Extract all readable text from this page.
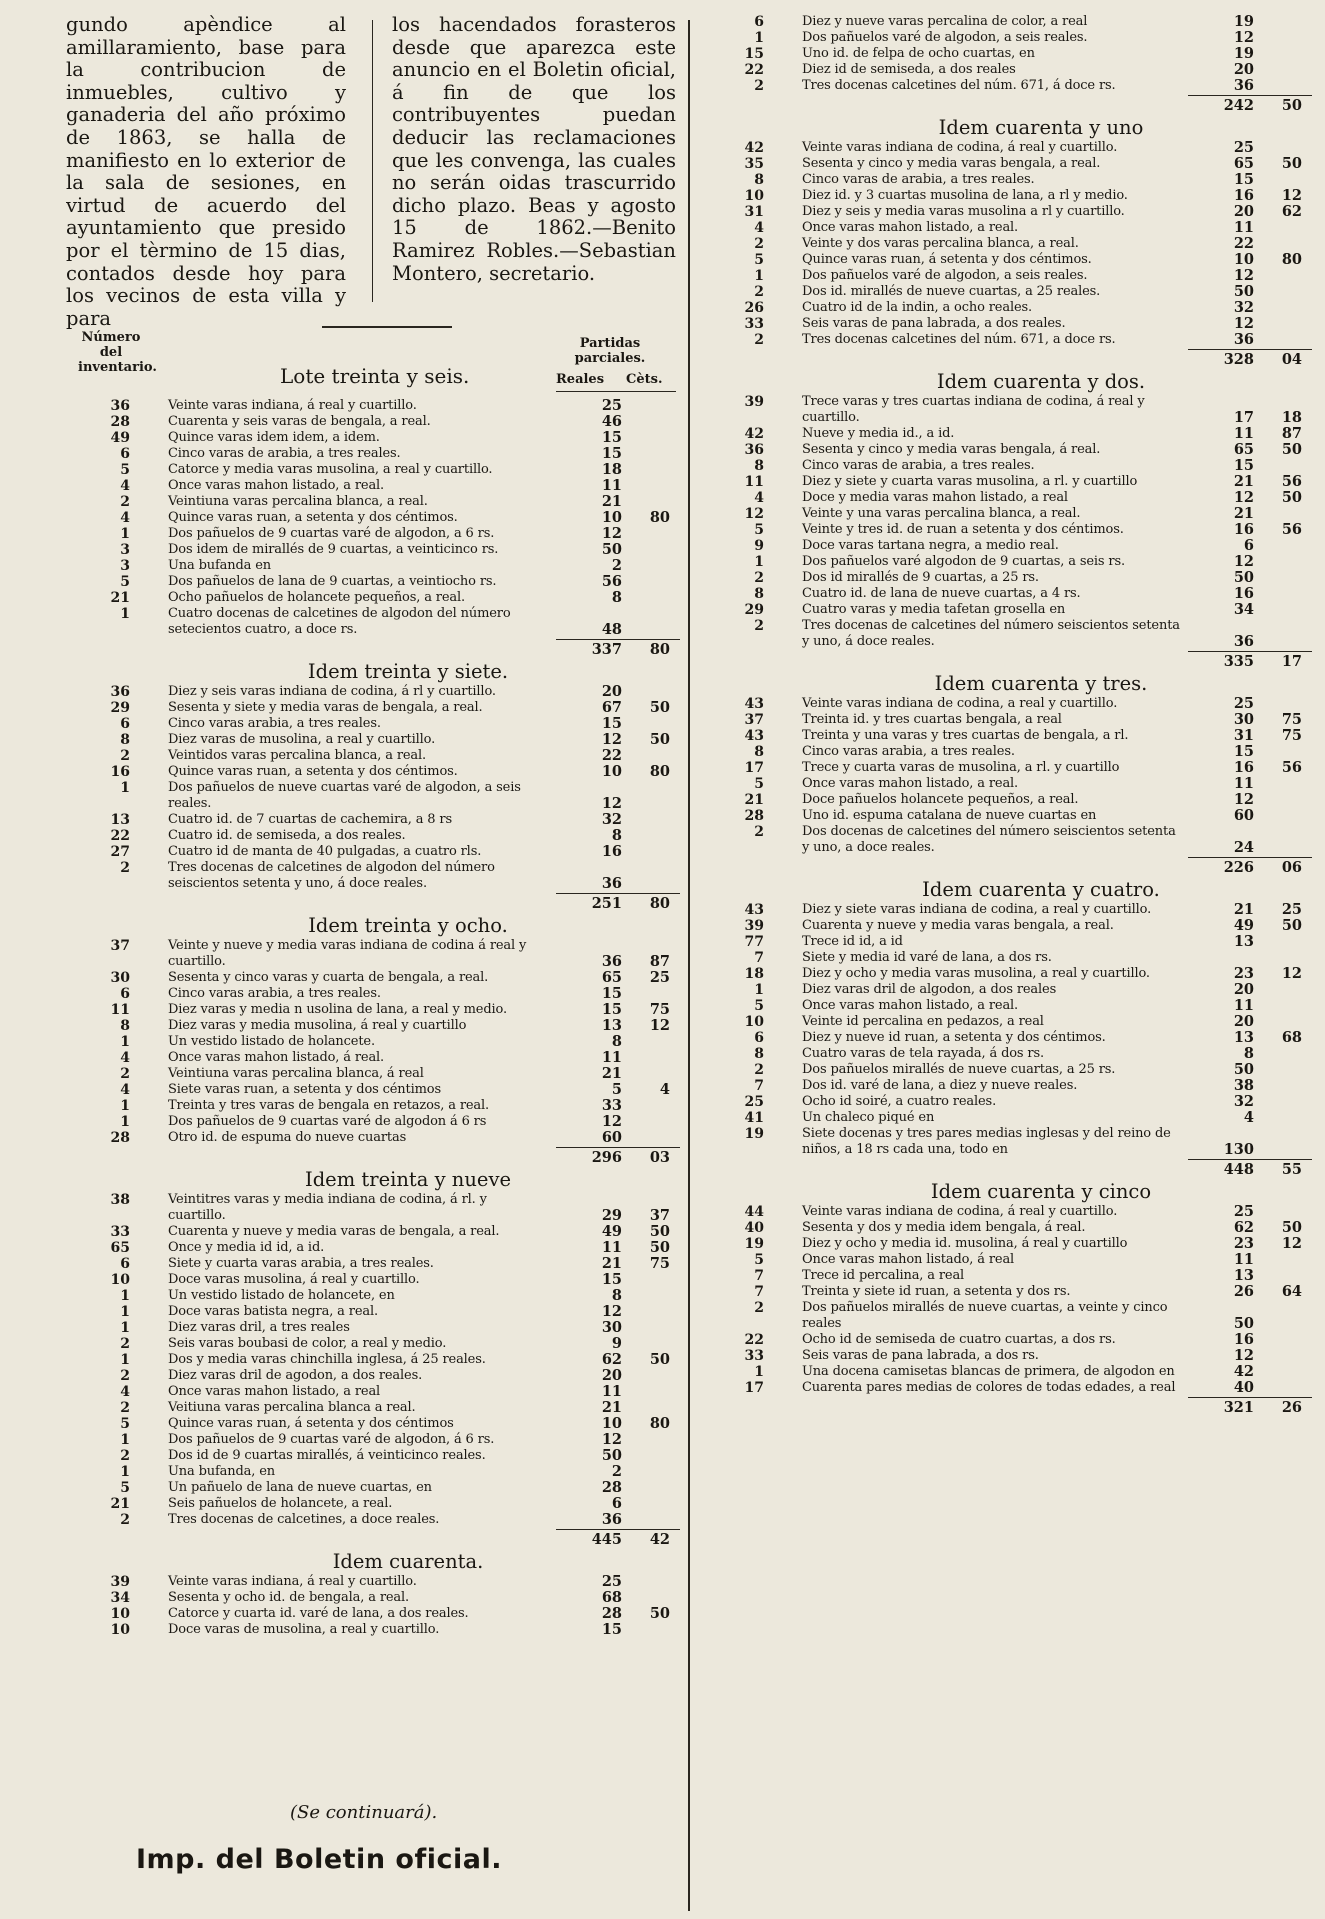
gundo apèndice al amillaramiento, base para la contribucion de inmuebles, cultivo y ganaderia del año próximo de 1863, se halla de manifiesto en lo exterior de la sala de sesiones, en virtud de acuerdo del ayuntamiento que presido por el tèrmino de 15 dias, contados desde hoy para los vecinos de esta villa y para

los hacendados forasteros desde que aparezca este anuncio en el Boletin oficial, á fin de que los contribuyentes puedan deducir las reclamaciones que les convenga, las cuales no serán oidas trascurrido dicho plazo. Beas y agosto 15 de 1862.—Benito Ramirez Robles.—Sebastian Montero, secretario.

Número del inventario.	Lote treinta y seis.
Partidas parciales.
Reales Cèts.
36	Veinte varas indiana, á real y cuartillo.	25
28	Cuarenta y seis varas de bengala, a real.	46
49	Quince varas idem idem, a idem.	15
6	Cinco varas de arabia, a tres reales.	15
5	Catorce y media varas musolina, a real y cuartillo.	18
4	Once varas mahon listado, a real.	11
2	Veintiuna varas percalina blanca, a real.	21
4	Quince varas ruan, a setenta y dos céntimos.	10	80
1	Dos pañuelos de 9 cuartas varé de algodon, a 6 rs.	12
3	Dos idem de mirallés de 9 cuartas, a veinticinco rs.	50
3	Una bufanda en	2
5	Dos pañuelos de lana de 9 cuartas, a veintiocho rs.	56
21	Ocho pañuelos de holancete pequeños, a real.	8
1	Cuatro docenas de calcetines de algodon del número setecientos cuatro, a doce rs.	48
337	80
Idem treinta y siete.
36	Diez y seis varas indiana de codina, á rl y cuartillo.	20
29	Sesenta y siete y media varas de bengala, a real.	67	50
6	Cinco varas arabia, a tres reales.	15
8	Diez varas de musolina, a real y cuartillo.	12	50
2	Veintidos varas percalina blanca, a real.	22
16	Quince varas ruan, a setenta y dos céntimos.	10	80
1	Dos pañuelos de nueve cuartas varé de algodon, a seis reales.	12
13	Cuatro id. de 7 cuartas de cachemira, a 8 rs	32
22	Cuatro id. de semiseda, a dos reales.	8
27	Cuatro id de manta de 40 pulgadas, a cuatro rls.	16
2	Tres docenas de calcetines de algodon del número seiscientos setenta y uno, á doce reales.	36
251	80
Idem treinta y ocho.
37	Veinte y nueve y media varas indiana de codina á real y cuartillo.	36	87
30	Sesenta y cinco varas y cuarta de bengala, a real.	65	25
6	Cinco varas arabia, a tres reales.	15
11	Diez varas y media n usolina de lana, a real y medio.	15	75
8	Diez varas y media musolina, á real y cuartillo	13	12
1	Un vestido listado de holancete.	8
4	Once varas mahon listado, á real.	11
2	Veintiuna varas percalina blanca, á real	21
4	Siete varas ruan, a setenta y dos céntimos	5	4
1	Treinta y tres varas de bengala en retazos, a real.	33
1	Dos pañuelos de 9 cuartas varé de algodon á 6 rs	12
28	Otro id. de espuma do nueve cuartas	60
296	03
Idem treinta y nueve
38	Veintitres varas y media indiana de codina, á rl. y cuartillo.	29	37
33	Cuarenta y nueve y media varas de bengala, a real.	49	50
65	Once y media id id, a id.	11	50
6	Siete y cuarta varas arabia, a tres reales.	21	75
10	Doce varas musolina, á real y cuartillo.	15
1	Un vestido listado de holancete, en	8
1	Doce varas batista negra, a real.	12
1	Diez varas dril, a tres reales	30
2	Seis varas boubasi de color, a real y medio.	9
1	Dos y media varas chinchilla inglesa, á 25 reales.	62	50
2	Diez varas dril de agodon, a dos reales.	20
4	Once varas mahon listado, a real	11
2	Veitiuna varas percalina blanca a real.	21
5	Quince varas ruan, á setenta y dos céntimos	10	80
1	Dos pañuelos de 9 cuartas varé de algodon, á 6 rs.	12
2	Dos id de 9 cuartas mirallés, á veinticinco reales.	50
1	Una bufanda, en	2
5	Un pañuelo de lana de nueve cuartas, en	28
21	Seis pañuelos de holancete, a real.	6
2	Tres docenas de calcetines, a doce reales.	36
445	42
Idem cuarenta.
39	Veinte varas indiana, á real y cuartillo.	25
34	Sesenta y ocho id. de bengala, a real.	68
10	Catorce y cuarta id. varé de lana, a dos reales.	28	50
10	Doce varas de musolina, a real y cuartillo.	15
6	Diez y nueve varas percalina de color, a real	19
1	Dos pañuelos varé de algodon, a seis reales.	12
15	Uno id. de felpa de ocho cuartas, en	19
22	Diez id de semiseda, a dos reales	20
2	Tres docenas calcetines del núm. 671, á doce rs.	36
242	50
Idem cuarenta y uno
42	Veinte varas indiana de codina, á real y cuartillo.	25
35	Sesenta y cinco y media varas bengala, a real.	65	50
8	Cinco varas de arabia, a tres reales.	15
10	Diez id. y 3 cuartas musolina de lana, a rl y medio.	16	12
31	Diez y seis y media varas musolina a rl y cuartillo.	20	62
4	Once varas mahon listado, a real.	11
2	Veinte y dos varas percalina blanca, a real.	22
5	Quince varas ruan, á setenta y dos céntimos.	10	80
1	Dos pañuelos varé de algodon, a seis reales.	12
2	Dos id. mirallés de nueve cuartas, a 25 reales.	50
26	Cuatro id de la indin, a ocho reales.	32
33	Seis varas de pana labrada, a dos reales.	12
2	Tres docenas calcetines del núm. 671, a doce rs.	36
328	04
Idem cuarenta y dos.
39	Trece varas y tres cuartas indiana de codina, á real y cuartillo.	17	18
42	Nueve y media id., a id.	11	87
36	Sesenta y cinco y media varas bengala, á real.	65	50
8	Cinco varas de arabia, a tres reales.	15
11	Diez y siete y cuarta varas musolina, a rl. y cuartillo	21	56
4	Doce y media varas mahon listado, a real	12	50
12	Veinte y una varas percalina blanca, a real.	21
5	Veinte y tres id. de ruan a setenta y dos céntimos.	16	56
9	Doce varas tartana negra, a medio real.	6
1	Dos pañuelos varé algodon de 9 cuartas, a seis rs.	12
2	Dos id mirallés de 9 cuartas, a 25 rs.	50
8	Cuatro id. de lana de nueve cuartas, a 4 rs.	16
29	Cuatro varas y media tafetan grosella en	34
2	Tres docenas de calcetines del número seiscientos setenta y uno, á doce reales.	36
335	17
Idem cuarenta y tres.
43	Veinte varas indiana de codina, a real y cuartillo.	25
37	Treinta id. y tres cuartas bengala, a real	30	75
43	Treinta y una varas y tres cuartas de bengala, a rl.	31	75
8	Cinco varas arabia, a tres reales.	15
17	Trece y cuarta varas de musolina, a rl. y cuartillo	16	56
5	Once varas mahon listado, a real.	11
21	Doce pañuelos holancete pequeños, a real.	12
28	Uno id. espuma catalana de nueve cuartas en	60
2	Dos docenas de calcetines del número seiscientos setenta y uno, a doce reales.	24
226	06
Idem cuarenta y cuatro.
43	Diez y siete varas indiana de codina, a real y cuartillo.	21	25
39	Cuarenta y nueve y media varas bengala, a real.	49	50
77	Trece id id, a id	13
7	Siete y media id varé de lana, a dos rs.
18	Diez y ocho y media varas musolina, a real y cuartillo.	23	12
1	Diez varas dril de algodon, a dos reales	20
5	Once varas mahon listado, a real.	11
10	Veinte id percalina en pedazos, a real	20
6	Diez y nueve id ruan, a setenta y dos céntimos.	13	68
8	Cuatro varas de tela rayada, á dos rs.	8
2	Dos pañuelos mirallés de nueve cuartas, a 25 rs.	50
7	Dos id. varé de lana, a diez y nueve reales.	38
25	Ocho id soiré, a cuatro reales.	32
41	Un chaleco piqué en	4
19	Siete docenas y tres pares medias inglesas y del reino de niños, a 18 rs cada una, todo en	130
448	55
Idem cuarenta y cinco
44	Veinte varas indiana de codina, á real y cuartillo.	25
40	Sesenta y dos y media idem bengala, á real.	62	50
19	Diez y ocho y media id. musolina, á real y cuartillo	23	12
5	Once varas mahon listado, á real	11
7	Trece id percalina, a real	13
7	Treinta y siete id ruan, a setenta y dos rs.	26	64
2	Dos pañuelos mirallés de nueve cuartas, a veinte y cinco reales	50
22	Ocho id de semiseda de cuatro cuartas, a dos rs.	16
33	Seis varas de pana labrada, a dos rs.	12
1	Una docena camisetas blancas de primera, de algodon en	42
17	Cuarenta pares medias de colores de todas edades, a real	40
321	26
(Se continuará).
Imp. del Boletin oficial.
